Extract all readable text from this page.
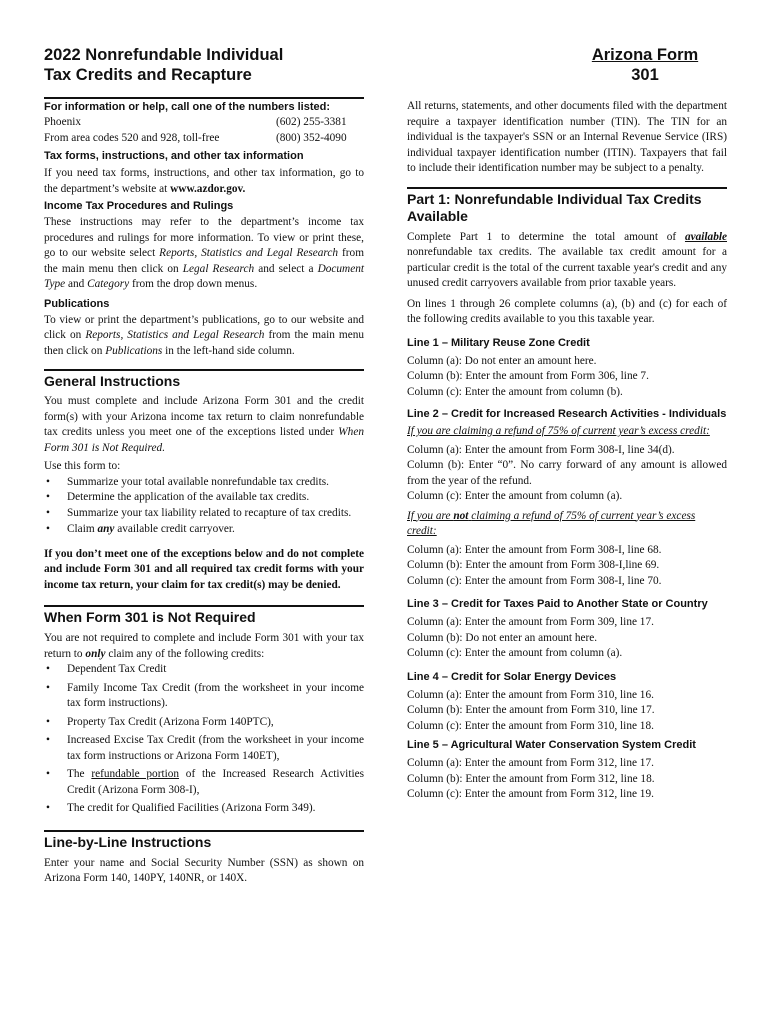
2022 Nonrefundable Individual
Tax Credits and Recapture
Arizona Form
301
For information or help, call one of the numbers listed:
Phoenix	(602) 255-3381
From area codes 520 and 928, toll-free	(800) 352-4090
Tax forms, instructions, and other tax information
If you need tax forms, instructions, and other tax information, go to the department’s website at www.azdor.gov.
Income Tax Procedures and Rulings
These instructions may refer to the department’s income tax procedures and rulings for more information. To view or print these, go to our website select Reports, Statistics and Legal Research from the main menu then click on Legal Research and select a Document Type and Category from the drop down menus.
Publications
To view or print the department’s publications, go to our website and click on Reports, Statistics and Legal Research from the main menu then click on Publications in the left-hand side column.
General Instructions
You must complete and include Arizona Form 301 and the credit form(s) with your Arizona income tax return to claim nonrefundable tax credits unless you meet one of the exceptions listed under When Form 301 is Not Required.
Use this form to:
• Summarize your total available nonrefundable tax credits.
• Determine the application of the available tax credits.
• Summarize your tax liability related to recapture of tax credits.
• Claim any available credit carryover.
If you don’t meet one of the exceptions below and do not complete and include Form 301 and all required tax credit forms with your income tax return, your claim for tax credit(s) may be denied.
When Form 301 is Not Required
You are not required to complete and include Form 301 with your tax return to only claim any of the following credits:
• Dependent Tax Credit
• Family Income Tax Credit (from the worksheet in your income tax form instructions).
• Property Tax Credit (Arizona Form 140PTC),
• Increased Excise Tax Credit (from the worksheet in your income tax form instructions or Arizona Form 140ET),
• The refundable portion of the Increased Research Activities Credit (Arizona Form 308-I),
• The credit for Qualified Facilities (Arizona Form 349).
Line-by-Line Instructions
Enter your name and Social Security Number (SSN) as shown on Arizona Form 140, 140PY, 140NR, or 140X.
All returns, statements, and other documents filed with the department require a taxpayer identification number (TIN). The TIN for an individual is the taxpayer's SSN or an Internal Revenue Service (IRS) individual taxpayer identification number (ITIN). Taxpayers that fail to include their identification number may be subject to a penalty.
Part 1: Nonrefundable Individual Tax Credits Available
Complete Part 1 to determine the total amount of available nonrefundable tax credits. The available tax credit amount for a particular credit is the total of the current taxable year's credit and any unused credit carryovers available from prior taxable years.
On lines 1 through 26 complete columns (a), (b) and (c) for each of the following credits available to you this taxable year.
Line 1 – Military Reuse Zone Credit
Column (a): Do not enter an amount here.
Column (b): Enter the amount from Form 306, line 7.
Column (c): Enter the amount from column (b).
Line 2 – Credit for Increased Research Activities - Individuals
If you are claiming a refund of 75% of current year’s excess credit:
Column (a): Enter the amount from Form 308-I, line 34(d).
Column (b): Enter “0”. No carry forward of any amount is allowed from the year of the refund.
Column (c): Enter the amount from column (a).
If you are not claiming a refund of 75% of current year’s excess credit:
Column (a): Enter the amount from Form 308-I, line 68.
Column (b): Enter the amount from Form 308-I,line 69.
Column (c): Enter the amount from Form 308-I, line 70.
Line 3 – Credit for Taxes Paid to Another State or Country
Column (a): Enter the amount from Form 309, line 17.
Column (b): Do not enter an amount here.
Column (c): Enter the amount from column (a).
Line 4 – Credit for Solar Energy Devices
Column (a): Enter the amount from Form 310, line 16.
Column (b): Enter the amount from Form 310, line 17.
Column (c): Enter the amount from Form 310, line 18.
Line 5 – Agricultural Water Conservation System Credit
Column (a): Enter the amount from Form 312, line 17.
Column (b): Enter the amount from Form 312, line 18.
Column (c): Enter the amount from Form 312, line 19.
